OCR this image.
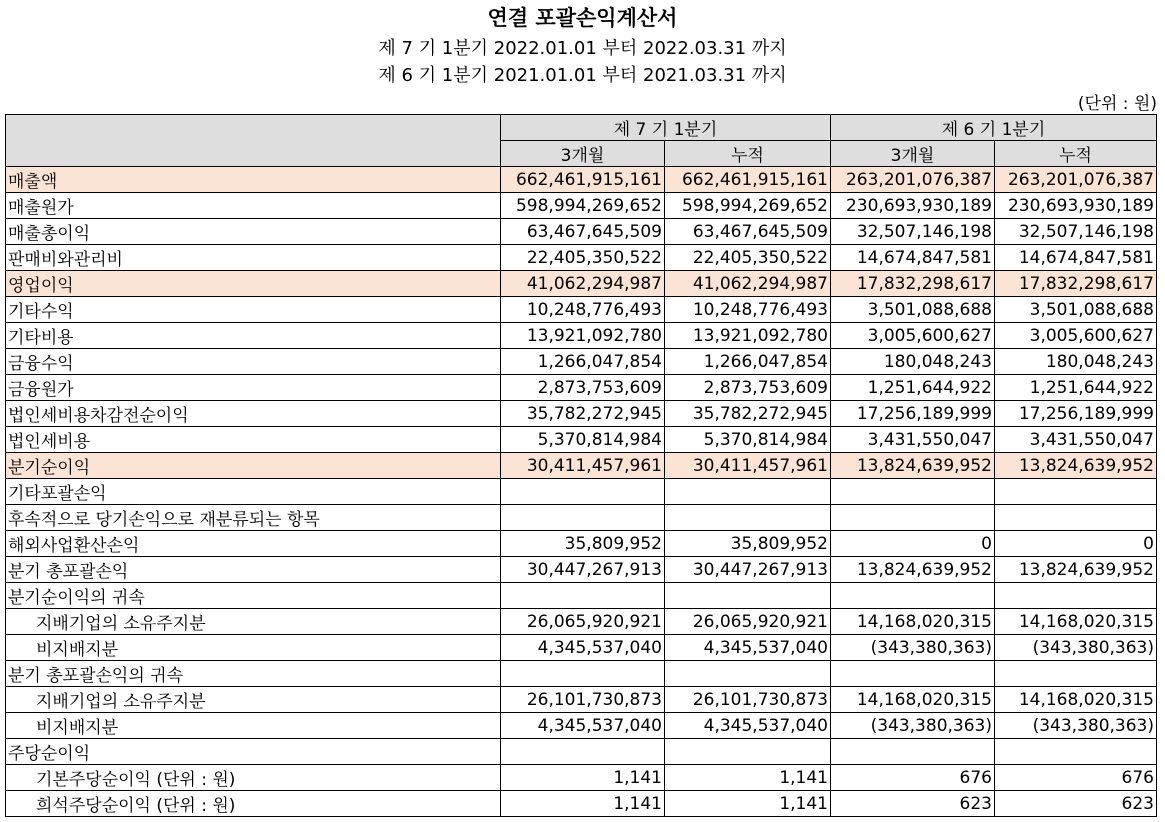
연결 포괄손익계산서
제 7 기 1분기 2022.01.01 부터 2022.03.31 까지
제 6 기 1분기 2021.01.01 부터 2021.03.31 까지
(단위 : 원)
	제 7 기 1분기		제 6 기 1분기	
	3개월	누적	3개월	누적
매출액	662,461,915,161	662,461,915,161	263,201,076,387	263,201,076,387
매출원가	598,994,269,652	598,994,269,652	230,693,930,189	230,693,930,189
매출총이익	63,467,645,509	63,467,645,509	32,507,146,198	32,507,146,198
판매비와관리비	22,405,350,522	22,405,350,522	14,674,847,581	14,674,847,581
영업이익	41,062,294,987	41,062,294,987	17,832,298,617	17,832,298,617
기타수익	10,248,776,493	10,248,776,493	3,501,088,688	3,501,088,688
기타비용	13,921,092,780	13,921,092,780	3,005,600,627	3,005,600,627
금융수익	1,266,047,854	1,266,047,854	180,048,243	180,048,243
금융원가	2,873,753,609	2,873,753,609	1,251,644,922	1,251,644,922
법인세비용차감전순이익	35,782,272,945	35,782,272,945	17,256,189,999	17,256,189,999
법인세비용	5,370,814,984	5,370,814,984	3,431,550,047	3,431,550,047
분기순이익	30,411,457,961	30,411,457,961	13,824,639,952	13,824,639,952
기타포괄손익				
후속적으로 당기손익으로 재분류되는 항목				
해외사업환산손익	35,809,952	35,809,952	0	0
분기 총포괄손익	30,447,267,913	30,447,267,913	13,824,639,952	13,824,639,952
분기순이익의 귀속				
지배기업의 소유주지분	26,065,920,921	26,065,920,921	14,168,020,315	14,168,020,315
비지배지분	4,345,537,040	4,345,537,040	(343,380,363)	(343,380,363)
분기 총포괄손익의 귀속				
지배기업의 소유주지분	26,101,730,873	26,101,730,873	14,168,020,315	14,168,020,315
비지배지분	4,345,537,040	4,345,537,040	(343,380,363)	(343,380,363)
주당순이익				
기본주당순이익 (단위 : 원)	1,141	1,141	676	676
희석주당순이익 (단위 : 원)	1,141	1,141	623	623
